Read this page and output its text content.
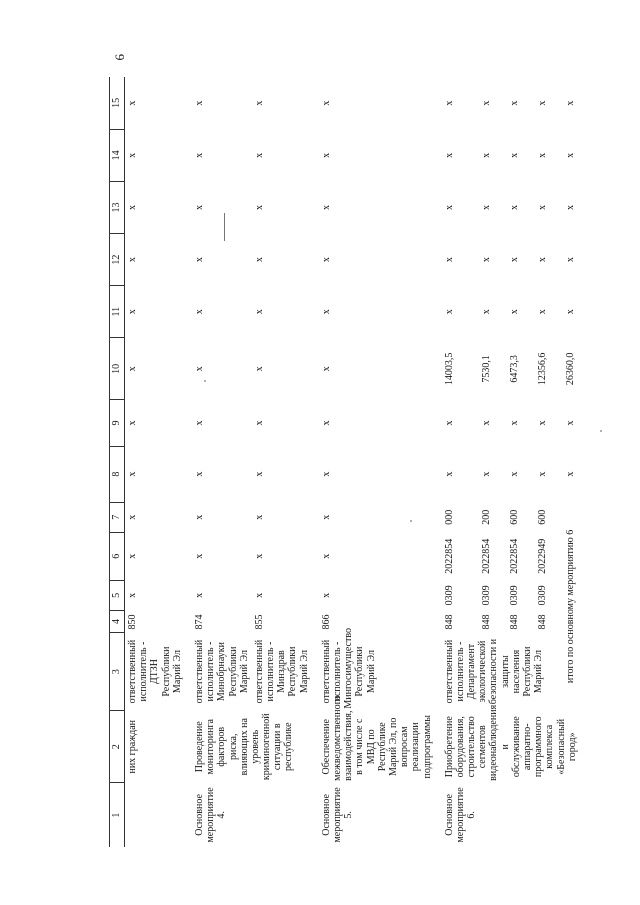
6
1	2	3	4	5	6	7	8	9	10	11	12	13	14	15
	них граждан	ответственный исполнитель - ДТЗН Республики Марий Эл	850	x	x	x	x	x	x	x	x	x	x	x
Основное мероприятие 4.	Проведение мониторинга факторов риска, влияющих на уровень криминогенной ситуации в республике	ответственный исполнитель - Минобрнауки Республики Марий Эл	874	x	x	x	x	x	x	x	x	x	x	x
		ответственный исполнитель - Минздрав Республики Марий Эл	855	x	x	x	x	x	x	x	x	x	x	x
Основное мероприятие 5.	Обеспечение межведомственного взаимодействия, в том числе с МВД по Республике Марий Эл, по вопросам реализации подпрограммы	ответственный исполнитель - Мингосимущество Республики Марий Эл	866	x	x	x	x	x	x	x	x	x	x	x
Основное мероприятие 6.	Приобретение оборудования, строительство сегментов видеонаблюдения и обслуживание аппаратно-программного комплекса «Безопасный город»	ответственный исполнитель - Департамент экологической безопасности и защиты населения Республики Марий Эл	848	0309	2022854	000	x	x	14003,5	x	x	x	x	x
			848	0309	2022854	200	x	x	7530,1	x	x	x	x	x
			848	0309	2022854	600	x	x	6473,3	x	x	x	x	x
			848	0309	2022949	600	x	x	12356,6	x	x	x	x	x
		итого по основному мероприятию 6					x	x	26360,0	x	x	x	x	x
